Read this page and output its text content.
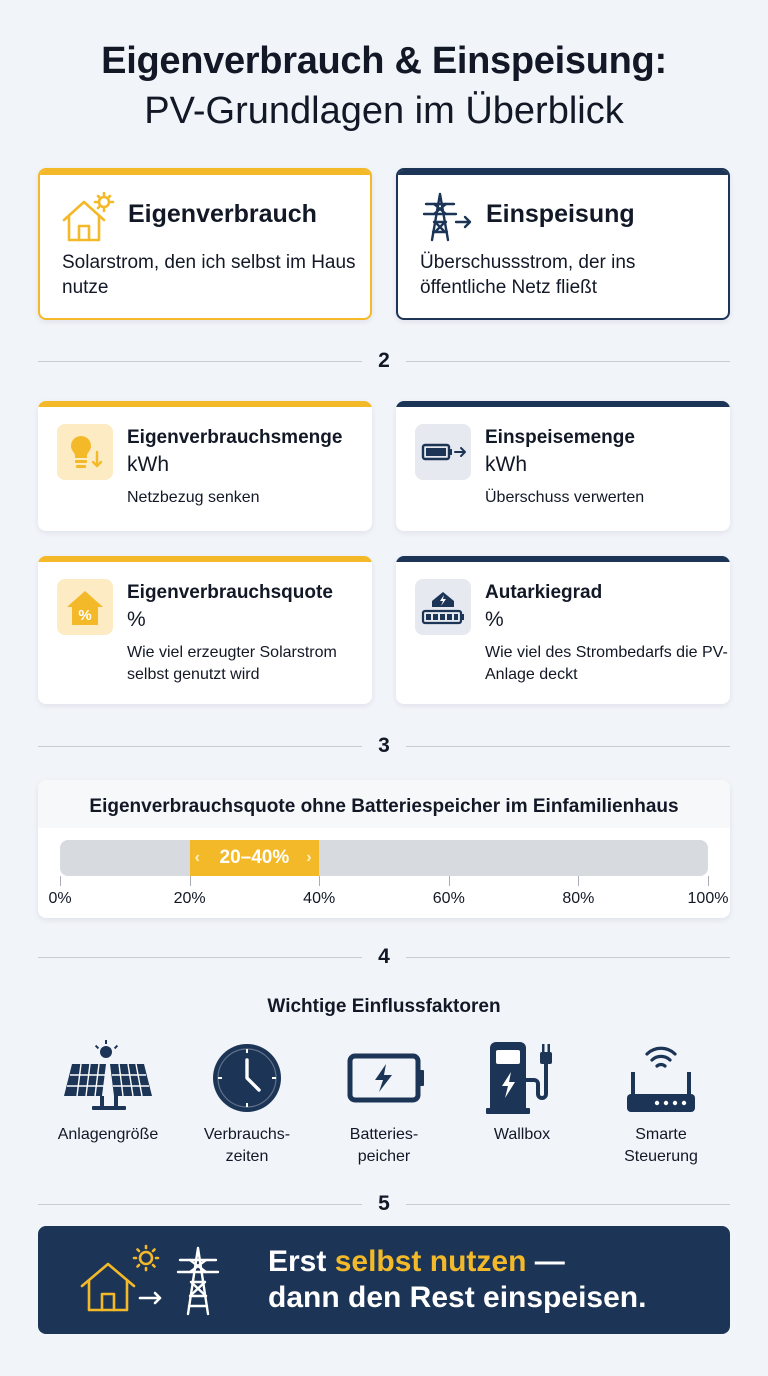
Eigenverbrauch & Einspeisung:
PV-Grundlagen im Überblick
Eigenverbrauch
Solarstrom, den ich selbst im Haus nutze
Einspeisung
Überschussstrom, der ins öffentliche Netz fließt
2
Eigenverbrauchsmenge
kWh
Netzbezug senken
Einspeisemenge
kWh
Überschuss verwerten
%
Eigenverbrauchsquote
%
Wie viel erzeugter Solarstrom selbst genutzt wird
Autarkiegrad
%
Wie viel des Strombedarfs die PV-Anlage deckt
3
Eigenverbrauchsquote ohne Batteriespeicher im Einfamilienhaus
‹	›
20–40%
0%	20%	40%	60%	80%	100%
4
Wichtige Einflussfaktoren
Anlagengröße	Verbrauchs-
zeiten
Batteries-
peicher
Wallbox	Smarte
Steuerung
5
Erst selbst nutzen —
dann den Rest einspeisen.
